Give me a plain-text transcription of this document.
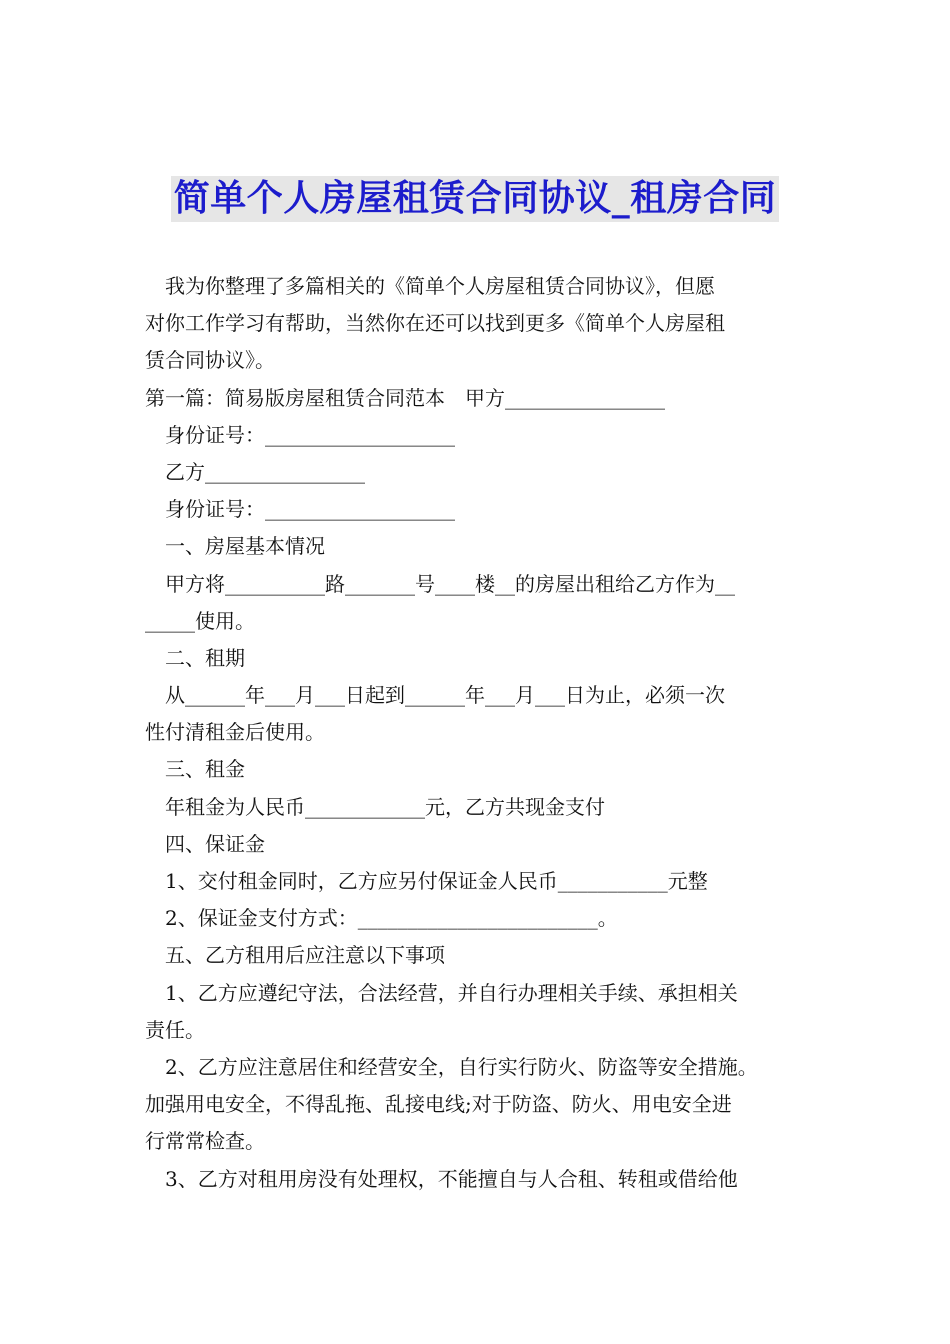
简单个人房屋租赁合同协议_租房合同
我为你整理了多篇相关的《简单个人房屋租赁合同协议》，但愿
对你工作学习有帮助，当然你在还可以找到更多《简单个人房屋租
赁合同协议》。
第一篇：简易版房屋租赁合同范本　甲方________________
身份证号：___________________
乙方________________
身份证号：___________________
一、房屋基本情况
甲方将__________路_______号____楼__的房屋出租给乙方作为__
_____使用。
二、租期
从______年___月___日起到______年___月___日为止，必须一次
性付清租金后使用。
三、租金
年租金为人民币____________元，乙方共现金支付
四、保证金
1、交付租金同时，乙方应另付保证金人民币___________元整
2、保证金支付方式：________________________。
五、乙方租用后应注意以下事项
1、乙方应遵纪守法，合法经营，并自行办理相关手续、承担相关
责任。
2、乙方应注意居住和经营安全，自行实行防火、防盗等安全措施。
加强用电安全，不得乱拖、乱接电线;对于防盗、防火、用电安全进
行常常检查。
3、乙方对租用房没有处理权，不能擅自与人合租、转租或借给他
